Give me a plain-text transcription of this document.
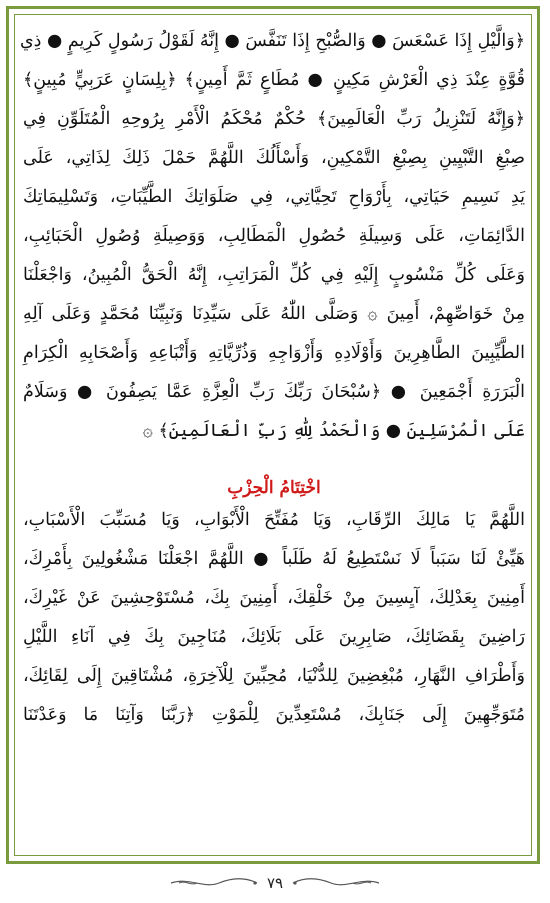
﴿وَالَّيْلِ إِذَا عَسْعَسَ ● وَالصُّبْحِ إِذَا تَنَفَّسَ ● إِنَّهُ لَقَوْلُ رَسُولٍ كَرِيمٍ ● ذِي
قُوَّةٍ عِنْدَ ذِي الْعَرْشِ مَكِينٍ ● مُطَاعٍ ثَمَّ أَمِينٍ﴾ ﴿بِلِسَانٍ عَرَبِيٍّ مُبِينٍ﴾
﴿وَإِنَّهُ لَتَنْزِيلُ رَبِّ الْعَالَمِينَ﴾ حُكْمٌ مُحْكَمُ الْأَمْرِ بِرُوحِهِ الْمُتَلَوِّنِ فِي
صِبْغِ التَّبْيِينِ بِصِبْغِ التَّمْكِينِ، وَأَسْأَلُكَ اللَّهُمَّ حَمْلَ ذَلِكَ لِذَاتِي، عَلَى
يَدِ نَسِيمِ حَيَاتِي، بِأَرْوَاحِ تَحِيَّاتِي، فِي صَلَوَاتِكَ الطَّيِّبَاتِ، وَتَسْلِيمَاتِكَ
الدَّائِمَاتِ، عَلَى وَسِيلَةِ حُصُولِ الْمَطَالِبِ، وَوَصِيلَةِ وُصُولِ الْحَبَائِبِ،
وَعَلَى كُلِّ مَنْسُوبٍ إِلَيْهِ فِي كُلِّ الْمَرَاتِبِ، إِنَّهُ الْحَقُّ الْمُبِينُ، وَاجْعَلْنَا
مِنْ خَوَاصِّهِمْ، أَمِينَ ۞ وَصَلَّى اللّٰهُ عَلَى سَيِّدِنَا وَنَبِيِّنَا مُحَمَّدٍ وَعَلَى آلِهِ
الطَّيِّبِينَ الطَّاهِرِينَ وَأَوْلَادِهِ وَأَزْوَاجِهِ وَذُرِّيَّاتِهِ وَأَتْبَاعِهِ وَأَصْحَابِهِ الْكِرَامِ
الْبَرَرَةِ أَجْمَعِينَ ● ﴿سُبْحَانَ رَبِّكَ رَبِّ الْعِزَّةِ عَمَّا يَصِفُونَ ● وَسَلَامٌ
عَلَى الْمُرْسَلِينَ ● وَالْحَمْدُ لِلّٰهِ رَبِّ الْعَالَمِينَ﴾ ۞
اخْتِتَامُ الْحِزْبِ
اللَّهُمَّ يَا مَالِكَ الرِّقَابِ، وَيَا مُفَتِّحَ الْأَبْوَابِ، وَيَا مُسَبِّبَ الْأَسْبَابِ،
هَيِّئْ لَنَا سَبَباً لَا نَسْتَطِيعُ لَهُ طَلَباً ● اللَّهُمَّ اجْعَلْنَا مَشْغُولِينَ بِأَمْرِكَ،
أَمِنِينَ بِعَدْلِكَ، آيِسِينَ مِنْ خَلْقِكَ، أَمِنِينَ بِكَ، مُسْتَوْحِشِينَ عَنْ غَيْرِكَ،
رَاضِينَ بِقَضَائِكَ، صَابِرِينَ عَلَى بَلَائِكَ، مُنَاجِينَ بِكَ فِي آنَاءِ اللَّيْلِ
وَأَطْرَافِ النَّهَارِ، مُبْغِضِينَ لِلدُّنْيَا، مُحِبِّينَ لِلْآخِرَةِ، مُشْتَاقِينَ إِلَى لِقَائِكَ،
مُتَوَجِّهِينَ إِلَى جَنَابِكَ، مُسْتَعِدِّينَ لِلْمَوْتِ ﴿رَبَّنَا وَآتِنَا مَا وَعَدْتَنَا
٧٩
